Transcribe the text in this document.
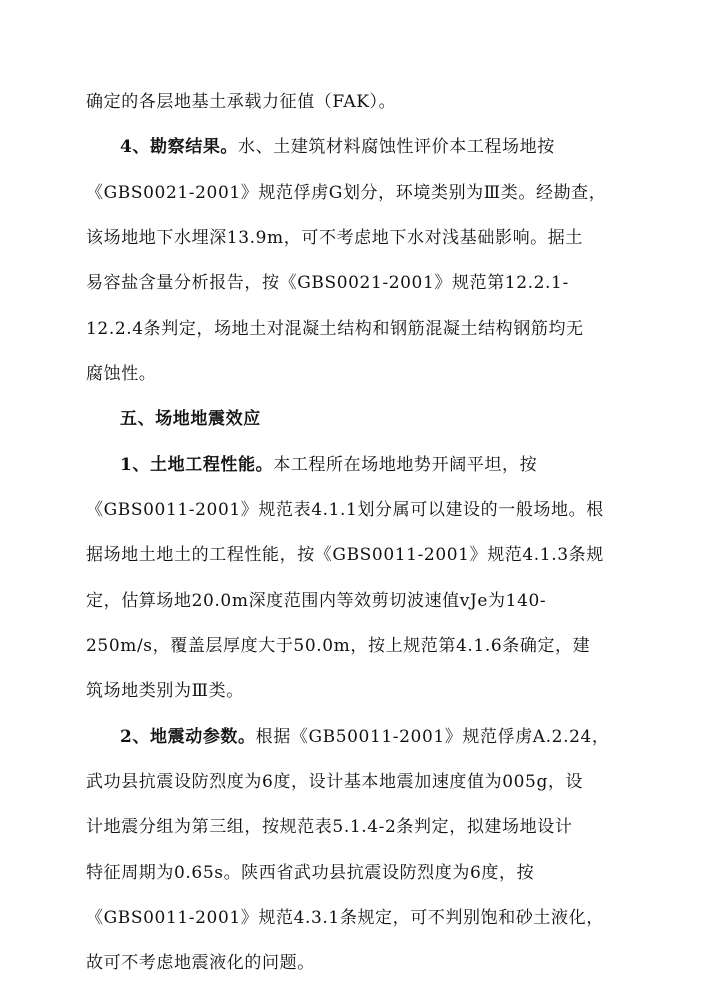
确定的各层地基土承载力征值（FAK）。
4、勘察结果。水、土建筑材料腐蚀性评价本工程场地按
《GBS0021-2001》规范俘虏G划分，环境类别为Ⅲ类。经勘查，
该场地地下水埋深13.9m，可不考虑地下水对浅基础影响。据土
易容盐含量分析报告，按《GBS0021-2001》规范第12.2.1-
12.2.4条判定，场地土对混凝土结构和钢筋混凝土结构钢筋均无
腐蚀性。
五、场地地震效应
1、土地工程性能。本工程所在场地地势开阔平坦，按
《GBS0011-2001》规范表4.1.1划分属可以建设的一般场地。根
据场地土地土的工程性能，按《GBS0011-2001》规范4.1.3条规
定，估算场地20.0m深度范围内等效剪切波速值vJe为140-
250m/s，覆盖层厚度大于50.0m，按上规范第4.1.6条确定，建
筑场地类别为Ⅲ类。
2、地震动参数。根据《GB50011-2001》规范俘虏A.2.24，
武功县抗震设防烈度为6度，设计基本地震加速度值为005g，设
计地震分组为第三组，按规范表5.1.4-2条判定，拟建场地设计
特征周期为0.65s。陕西省武功县抗震设防烈度为6度，按
《GBS0011-2001》规范4.3.1条规定，可不判别饱和砂土液化，
故可不考虑地震液化的问题。
